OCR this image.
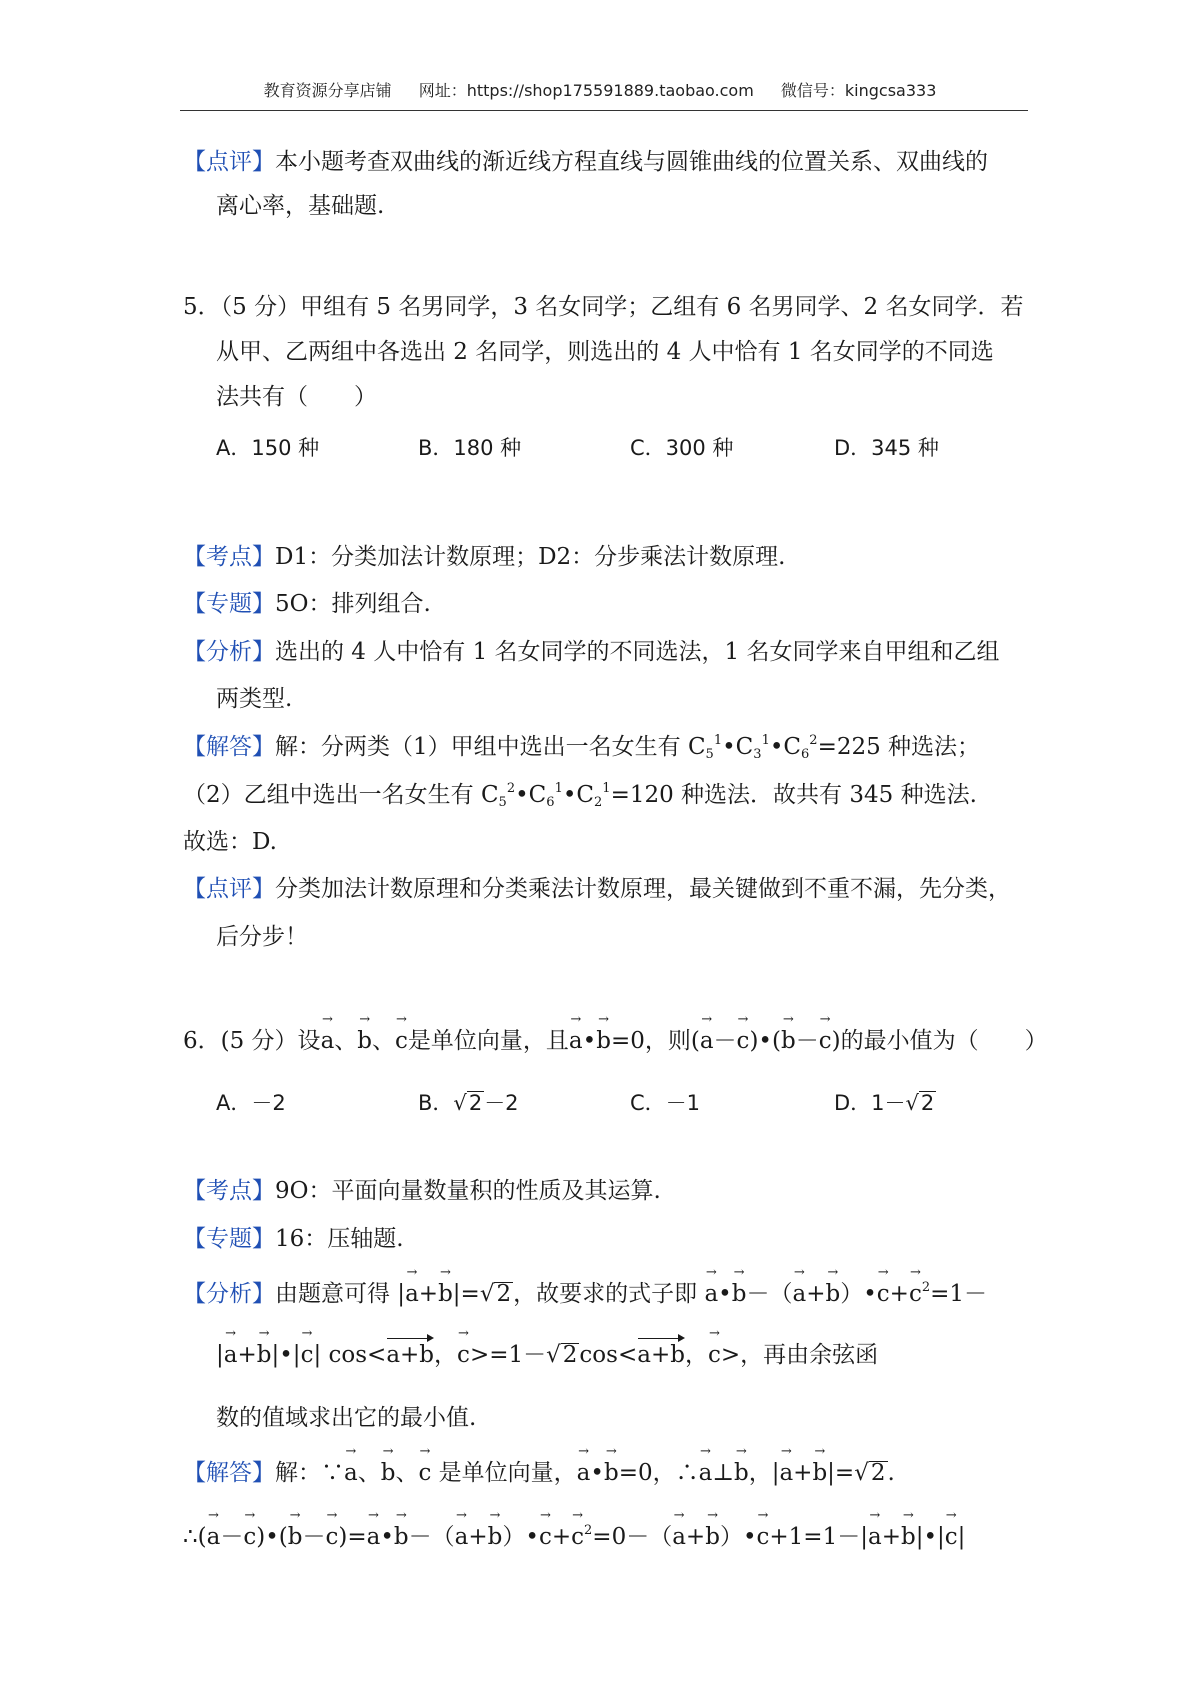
教育资源分享店铺 网址：https://shop175591889.taobao.com 微信号：kingcsa333
【点评】本小题考查双曲线的渐近线方程直线与圆锥曲线的位置关系、双曲线的
离心率，基础题.
5．（5 分）甲组有 5 名男同学，3 名女同学；乙组有 6 名男同学、2 名女同学．若
从甲、乙两组中各选出 2 名同学，则选出的 4 人中恰有 1 名女同学的不同选
法共有（　　）
A．150 种	B．180 种	C．300 种	D．345 种
【考点】D1：分类加法计数原理；D2：分步乘法计数原理.
【专题】5O：排列组合.
【分析】选出的 4 人中恰有 1 名女同学的不同选法，1 名女同学来自甲组和乙组
两类型.
【解答】解：分两类（1）甲组中选出一名女生有 $C_5^1•C_3^1•C_6^2=225$ 种选法；
（2）乙组中选出一名女生有 $C_5^2•C_6^1•C_2^1=120$ 种选法．故共有 345 种选法.
故选：D.
【点评】分类加法计数原理和分类乘法计数原理，最关键做到不重不漏，先分类，
后分步！
6．(5 分）设→ a、→ b、→ c是单位向量，且→ a•→ b=0，则(→ a－→ c)•(→ b－→ c)的最小值为（　　）
A．－2	B．√2－2	C．－1	D．1－√2
【考点】9O：平面向量数量积的性质及其运算.
【专题】16：压轴题.
【分析】由题意可得 |→ a+→ b|=√2，故要求的式子即 → a•→ b－（→ a+→ b）•→ $c+\to c^2=1-$
|→ a+→ b|•|→ c| cos<a+b，→ c>=1－√2cos<a+b，→ c>，再由余弦函
数的值域求出它的最小值.
【解答】解：∵→ a、→ b、→ c 是单位向量，→ a•→ b=0，∴→ a⊥→ b，|→ a+→ b|=√2.
∴(→ a－→ c)•(→ b－→ c)=→ a•→ b－（→ a+→ b）•→ $c+\to c^2=0-(\to a+\to$ b）•→ c+1=1－|→ a+→ b|•|→ c|
